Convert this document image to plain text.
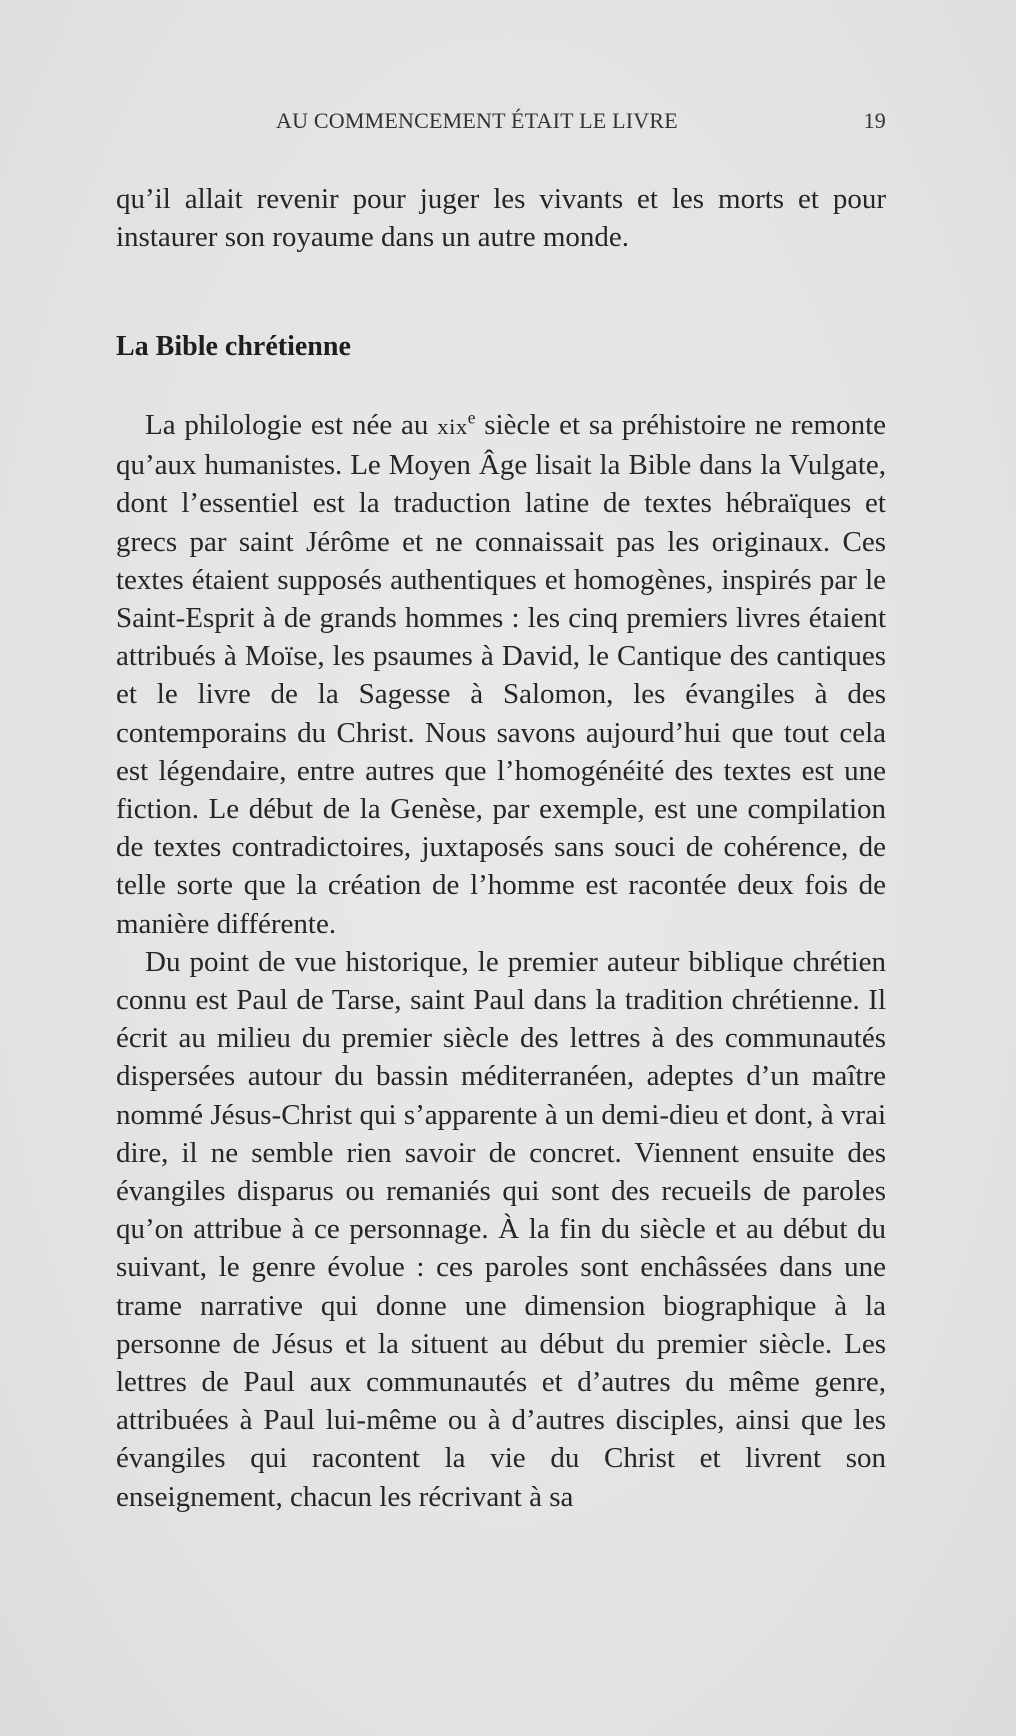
AU COMMENCEMENT ÉTAIT LE LIVRE	19
qu’il allait revenir pour juger les vivants et les morts et pour instaurer son royaume dans un autre monde.
La Bible chrétienne

La philologie est née au xix$^e$ siècle et sa préhistoire ne remonte qu’aux humanistes. Le Moyen Âge lisait la Bible dans la Vulgate, dont l’essentiel est la traduction latine de textes hébraïques et grecs par saint Jérôme et ne connaissait pas les originaux. Ces textes étaient supposés authentiques et homogènes, inspirés par le Saint-Esprit à de grands hommes : les cinq premiers livres étaient attribués à Moïse, les psaumes à David, le Cantique des cantiques et le livre de la Sagesse à Salomon, les évangiles à des contemporains du Christ. Nous savons aujourd’hui que tout cela est légendaire, entre autres que l’homogénéité des textes est une fiction. Le début de la Genèse, par exemple, est une compilation de textes contradictoires, juxtaposés sans souci de cohérence, de telle sorte que la création de l’homme est racontée deux fois de manière différente.

Du point de vue historique, le premier auteur biblique chrétien connu est Paul de Tarse, saint Paul dans la tradition chrétienne. Il écrit au milieu du premier siècle des lettres à des communautés dispersées autour du bassin méditerranéen, adeptes d’un maître nommé Jésus-Christ qui s’apparente à un demi-dieu et dont, à vrai dire, il ne semble rien savoir de concret. Viennent ensuite des évangiles disparus ou remaniés qui sont des recueils de paroles qu’on attribue à ce personnage. À la fin du siècle et au début du suivant, le genre évolue : ces paroles sont enchâssées dans une trame narrative qui donne une dimension biographique à la personne de Jésus et la situent au début du premier siècle. Les lettres de Paul aux communautés et d’autres du même genre, attribuées à Paul lui-même ou à d’autres disciples, ainsi que les évangiles qui racontent la vie du Christ et livrent son enseignement, chacun les récrivant à sa
